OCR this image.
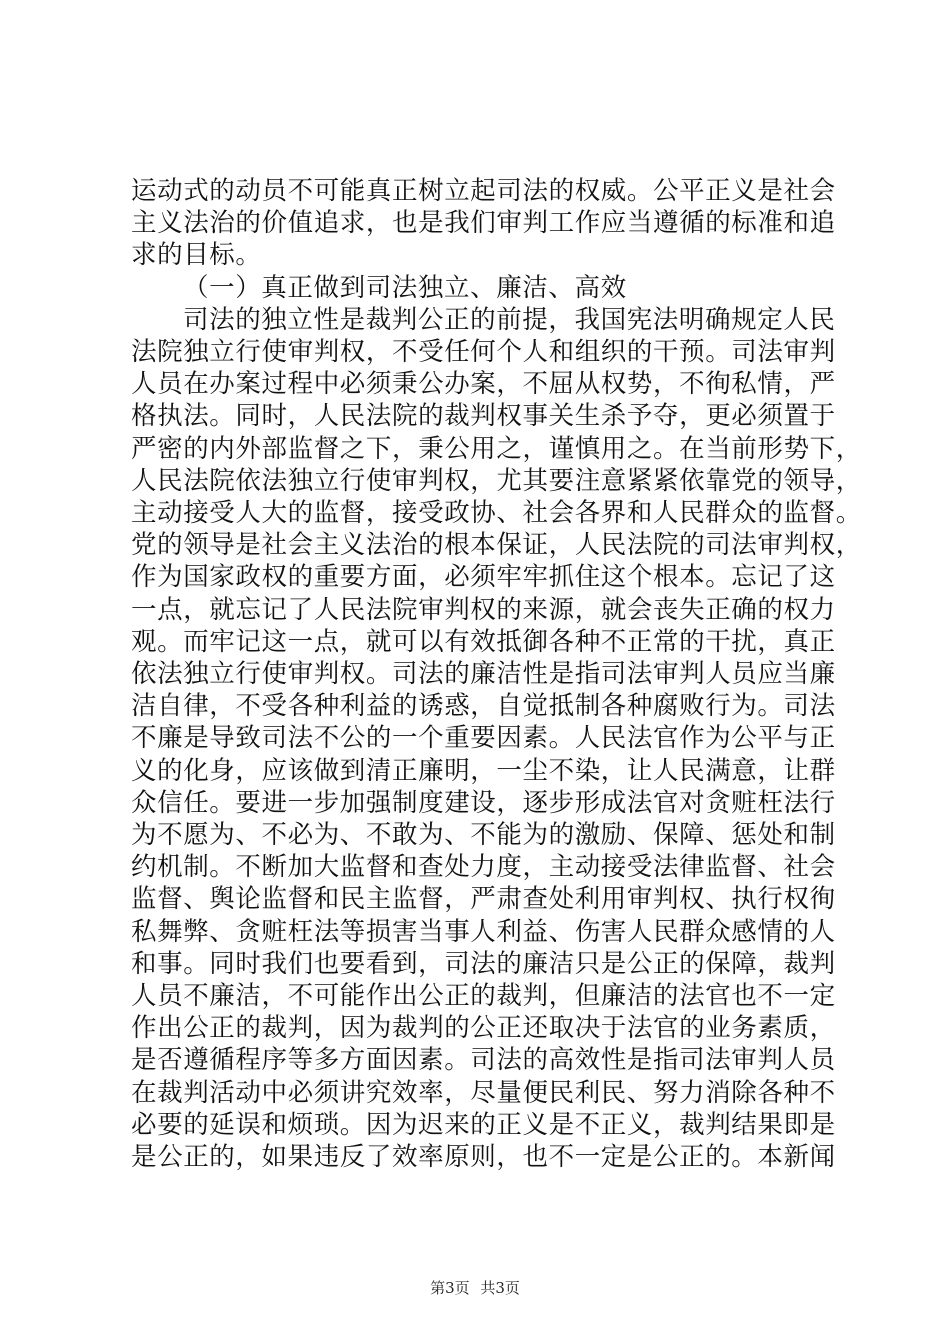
运动式的动员不可能真正树立起司法的权威。公平正义是社会
主义法治的价值追求，也是我们审判工作应当遵循的标准和追
求的目标。
（一）真正做到司法独立、廉洁、高效
司法的独立性是裁判公正的前提，我国宪法明确规定人民
法院独立行使审判权，不受任何个人和组织的干预。司法审判
人员在办案过程中必须秉公办案，不屈从权势，不徇私情，严
格执法。同时，人民法院的裁判权事关生杀予夺，更必须置于
严密的内外部监督之下，秉公用之，谨慎用之。在当前形势下，
人民法院依法独立行使审判权，尤其要注意紧紧依靠党的领导，
主动接受人大的监督，接受政协、社会各界和人民群众的监督。
党的领导是社会主义法治的根本保证，人民法院的司法审判权，
作为国家政权的重要方面，必须牢牢抓住这个根本。忘记了这
一点，就忘记了人民法院审判权的来源，就会丧失正确的权力
观。而牢记这一点，就可以有效抵御各种不正常的干扰，真正
依法独立行使审判权。司法的廉洁性是指司法审判人员应当廉
洁自律，不受各种利益的诱惑，自觉抵制各种腐败行为。司法
不廉是导致司法不公的一个重要因素。人民法官作为公平与正
义的化身，应该做到清正廉明，一尘不染，让人民满意，让群
众信任。要进一步加强制度建设，逐步形成法官对贪赃枉法行
为不愿为、不必为、不敢为、不能为的激励、保障、惩处和制
约机制。不断加大监督和查处力度，主动接受法律监督、社会
监督、舆论监督和民主监督，严肃查处利用审判权、执行权徇
私舞弊、贪赃枉法等损害当事人利益、伤害人民群众感情的人
和事。同时我们也要看到，司法的廉洁只是公正的保障，裁判
人员不廉洁，不可能作出公正的裁判，但廉洁的法官也不一定
作出公正的裁判，因为裁判的公正还取决于法官的业务素质，
是否遵循程序等多方面因素。司法的高效性是指司法审判人员
在裁判活动中必须讲究效率，尽量便民利民、努力消除各种不
必要的延误和烦琐。因为迟来的正义是不正义，裁判结果即是
是公正的，如果违反了效率原则，也不一定是公正的。本新闻
第3页 共3页
